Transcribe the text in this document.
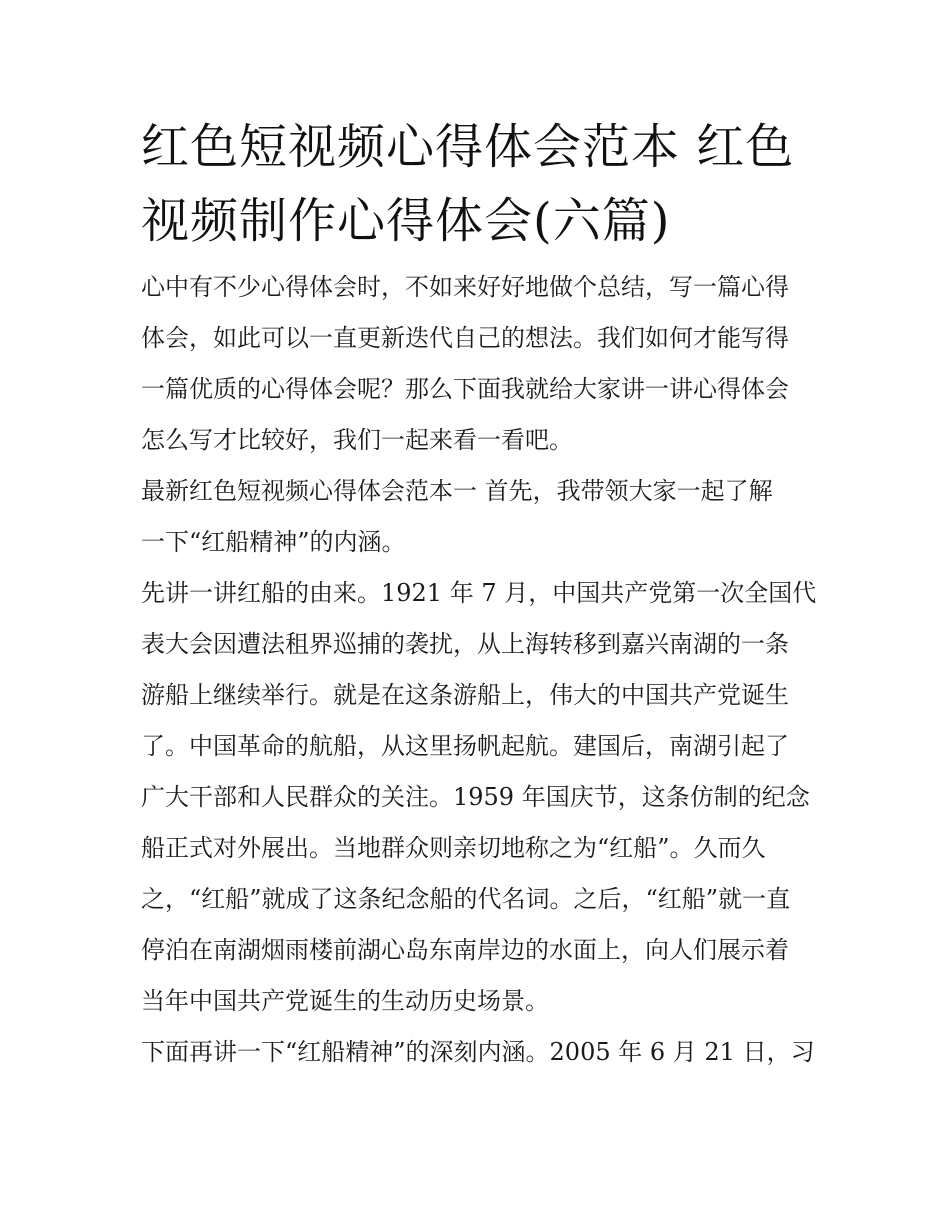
红色短视频心得体会范本 红色
视频制作心得体会(六篇)

心中有不少心得体会时，不如来好好地做个总结，写一篇心得
体会，如此可以一直更新迭代自己的想法。我们如何才能写得
一篇优质的心得体会呢？那么下面我就给大家讲一讲心得体会
怎么写才比较好，我们一起来看一看吧。

最新红色短视频心得体会范本一 首先，我带领大家一起了解
一下“红船精神”的内涵。

先讲一讲红船的由来。1921 年 7 月，中国共产党第一次全国代
表大会因遭法租界巡捕的袭扰，从上海转移到嘉兴南湖的一条
游船上继续举行。就是在这条游船上，伟大的中国共产党诞生
了。中国革命的航船，从这里扬帆起航。建国后，南湖引起了
广大干部和人民群众的关注。1959 年国庆节，这条仿制的纪念
船正式对外展出。当地群众则亲切地称之为“红船”。久而久
之，“红船”就成了这条纪念船的代名词。之后，“红船”就一直
停泊在南湖烟雨楼前湖心岛东南岸边的水面上，向人们展示着
当年中国共产党诞生的生动历史场景。

下面再讲一下“红船精神”的深刻内涵。2005 年 6 月 21 日，习
